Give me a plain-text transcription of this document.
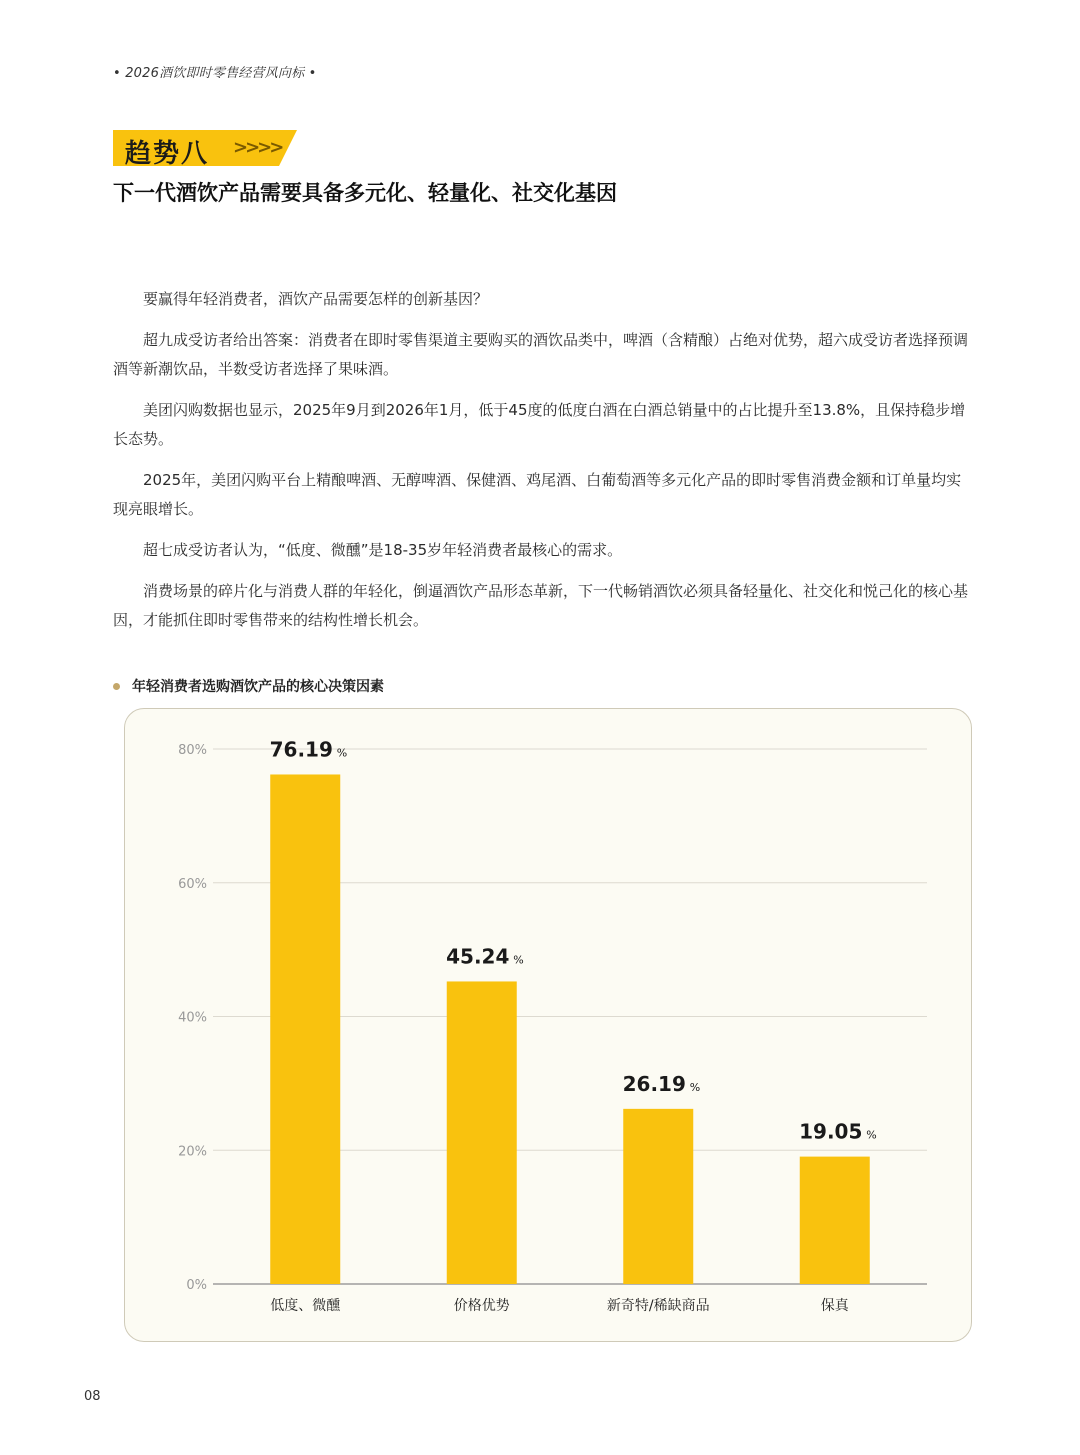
• 2026酒饮即时零售经营风向标 •
趋势八 >>>>
下一代酒饮产品需要具备多元化、轻量化、社交化基因

要赢得年轻消费者，酒饮产品需要怎样的创新基因？

超九成受访者给出答案：消费者在即时零售渠道主要购买的酒饮品类中，啤酒（含精酿）占绝对优势，超六成受访者选择预调酒等新潮饮品，半数受访者选择了果味酒。

美团闪购数据也显示，2025年9月到2026年1月，低于45度的低度白酒在白酒总销量中的占比提升至13.8%，且保持稳步增长态势。

2025年，美团闪购平台上精酿啤酒、无醇啤酒、保健酒、鸡尾酒、白葡萄酒等多元化产品的即时零售消费金额和订单量均实现亮眼增长。

超七成受访者认为，“低度、微醺”是18-35岁年轻消费者最核心的需求。

消费场景的碎片化与消费人群的年轻化，倒逼酒饮产品形态革新，下一代畅销酒饮必须具备轻量化、社交化和悦己化的核心基因，才能抓住即时零售带来的结构性增长机会。

年轻消费者选购酒饮产品的核心决策因素
0%
20%
40%
60%
80%	76.19 %
低度、微醺
45.24 %
价格优势
26.19 %
新奇特/稀缺商品
19.05 %
保真
08
